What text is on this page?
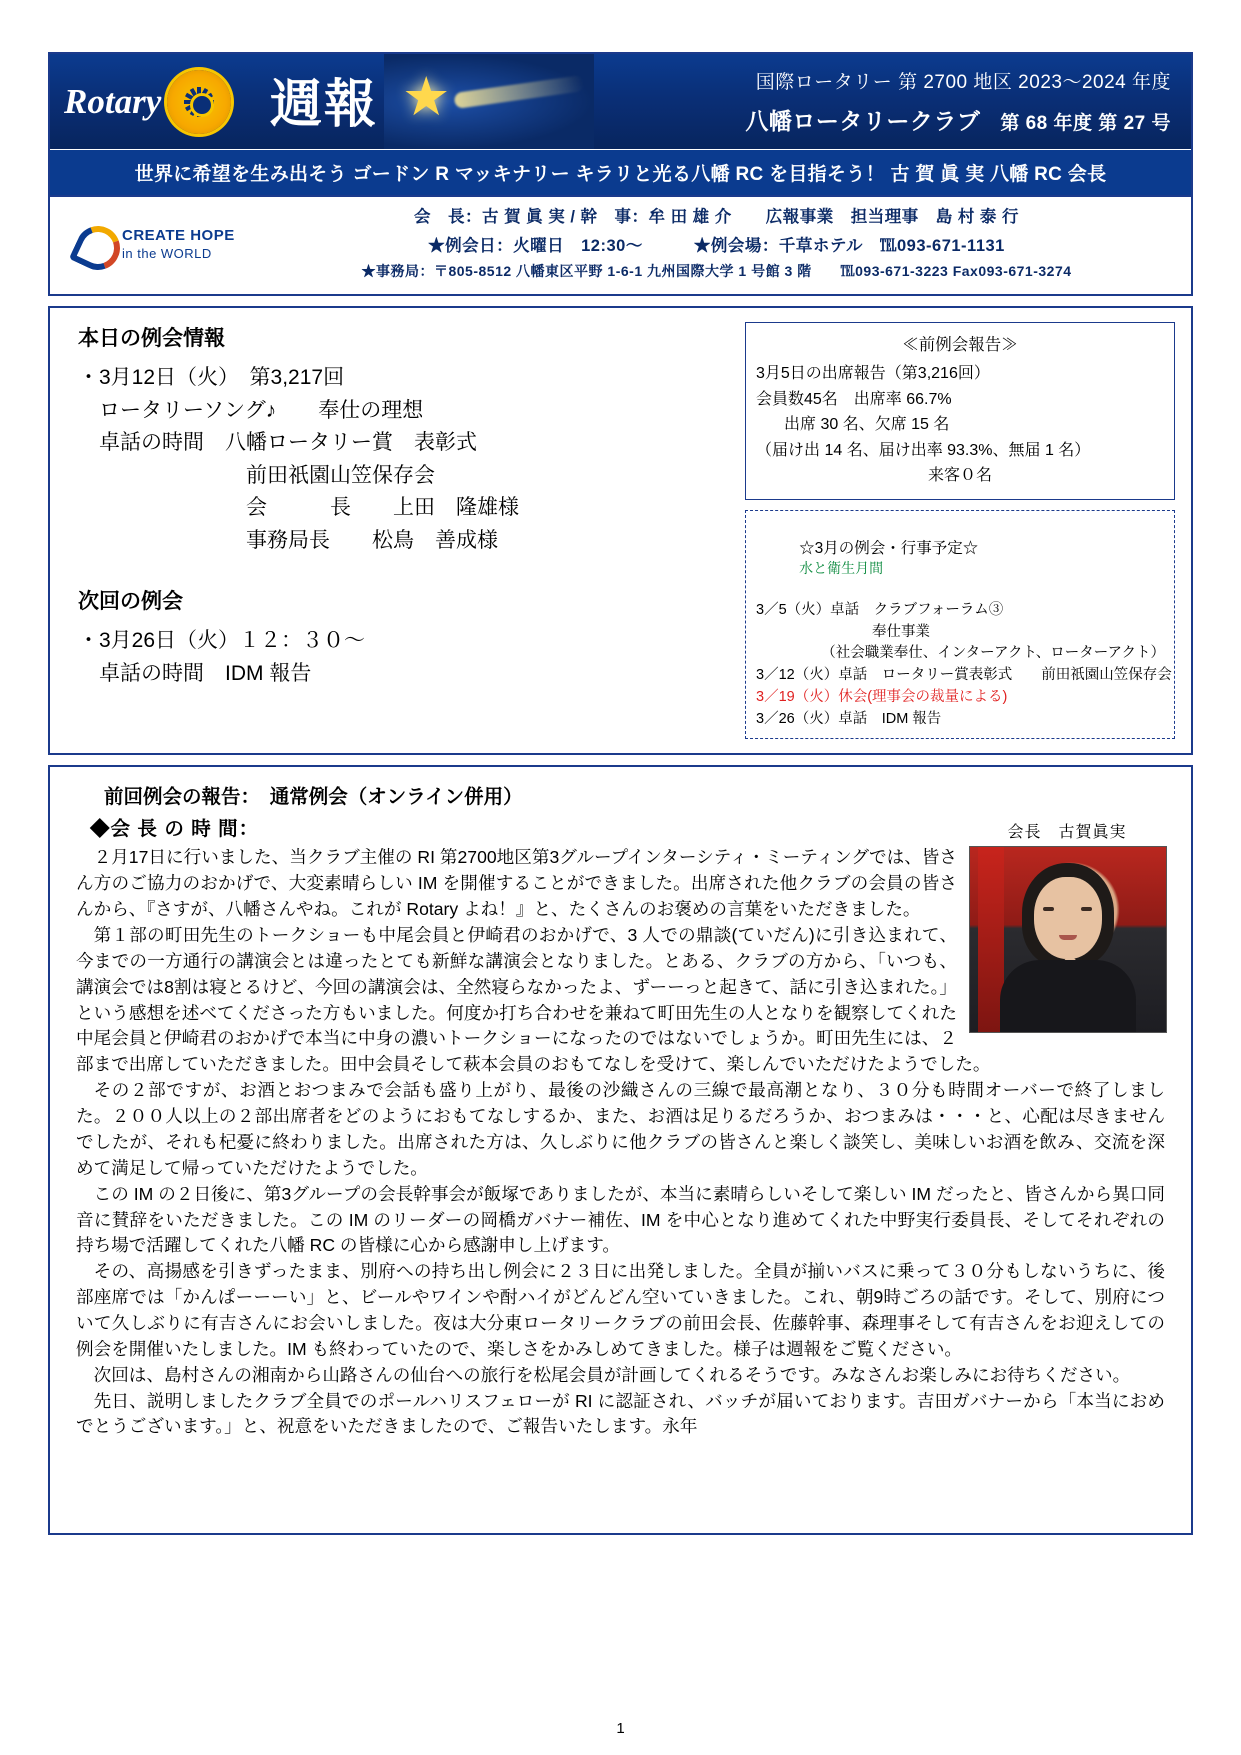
Rotary 週報 ★	国際ロータリー 第 2700 地区 2023〜2024 年度
八幡ロータリークラブ 第 68 年度 第 27 号
世界に希望を生み出そう ゴードン R マッキナリー キラリと光る八幡 RC を目指そう！ 古 賀 眞 実 八幡 RC 会長
CREATE HOPE
in the WORLD
会　長：古 賀 眞 実 / 幹　事：牟 田 雄 介　　広報事業　担当理事　島 村 泰 行
★例会日：火曜日　12:30〜　　　★例会場：千草ホテル　℡093-671-1131
★事務局：〒805-8512 八幡東区平野 1-6-1 九州国際大学 1 号館 3 階　　℡093-671-3223 Fax093-671-3274
本日の例会情報
・3月12日（火）　第3,217回
　ロータリーソング♪　　奉仕の理想
　卓話の時間　八幡ロータリー賞　表彰式
　　　　　　　　前田祇園山笠保存会
　　　　　　　　会　　　長　　上田　隆雄様
　　　　　　　　事務局長　　松鳥　善成様
次回の例会
・3月26日（火）１２：３０〜
　卓話の時間　IDM 報告
≪前例会報告≫
3月5日の出席報告（第3,216回）
会員数45名　出席率 66.7%
出席 30 名、欠席 15 名
（届け出 14 名、届け出率 93.3%、無届 1 名）
来客０名

☆3月の例会・行事予定☆
水と衛生月間

3／5（火）卓話　クラブフォーラム③
　　　　　　　　奉仕事業
　　　　　（社会職業奉仕、インターアクト、ローターアクト）
3／12（火）卓話　ロータリー賞表彰式　　前田祇園山笠保存会
3／19（火）休会(理事会の裁量による)
3／26（火）卓話　IDM 報告
前回例会の報告：　通常例会（オンライン併用）
◆会 長 の 時 間：	会長　古賀眞実

２月17日に行いました、当クラブ主催の RI 第2700地区第3グループインターシティ・ミーティングでは、皆さん方のご協力のおかげで、大変素晴らしい IM を開催することができました。出席された他クラブの会員の皆さんから、『さすが、八幡さんやね。これが Rotary よね！』と、たくさんのお褒めの言葉をいただきました。

第１部の町田先生のトークショーも中尾会員と伊崎君のおかげで、3 人での鼎談(ていだん)に引き込まれて、今までの一方通行の講演会とは違ったとても新鮮な講演会となりました。とある、クラブの方から、「いつも、講演会では8割は寝とるけど、今回の講演会は、全然寝らなかったよ、ずーーっと起きて、話に引き込まれた。」という感想を述べてくださった方もいました。何度か打ち合わせを兼ねて町田先生の人となりを観察してくれた中尾会員と伊崎君のおかげで本当に中身の濃いトークショーになったのではないでしょうか。町田先生には、２部まで出席していただきました。田中会員そして萩本会員のおもてなしを受けて、楽しんでいただけたようでした。

その２部ですが、お酒とおつまみで会話も盛り上がり、最後の沙織さんの三線で最高潮となり、３０分も時間オーバーで終了しました。２００人以上の２部出席者をどのようにおもてなしするか、また、お酒は足りるだろうか、おつまみは・・・と、心配は尽きませんでしたが、それも杞憂に終わりました。出席された方は、久しぶりに他クラブの皆さんと楽しく談笑し、美味しいお酒を飲み、交流を深めて満足して帰っていただけたようでした。

この IM の２日後に、第3グループの会長幹事会が飯塚でありましたが、本当に素晴らしいそして楽しい IM だったと、皆さんから異口同音に賛辞をいただきました。この IM のリーダーの岡橋ガバナー補佐、IM を中心となり進めてくれた中野実行委員長、そしてそれぞれの持ち場で活躍してくれた八幡 RC の皆様に心から感謝申し上げます。

その、高揚感を引きずったまま、別府への持ち出し例会に２３日に出発しました。全員が揃いバスに乗って３０分もしないうちに、後部座席では「かんぱーーーい」と、ビールやワインや酎ハイがどんどん空いていきました。これ、朝9時ごろの話です。そして、別府について久しぶりに有吉さんにお会いしました。夜は大分東ロータリークラブの前田会長、佐藤幹事、森理事そして有吉さんをお迎えしての例会を開催いたしました。IM も終わっていたので、楽しさをかみしめてきました。様子は週報をご覧ください。

次回は、島村さんの湘南から山路さんの仙台への旅行を松尾会員が計画してくれるそうです。みなさんお楽しみにお待ちください。

先日、説明しましたクラブ全員でのポールハリスフェローが RI に認証され、バッチが届いております。吉田ガバナーから「本当におめでとうございます。」と、祝意をいただきましたので、ご報告いたします。永年

1
